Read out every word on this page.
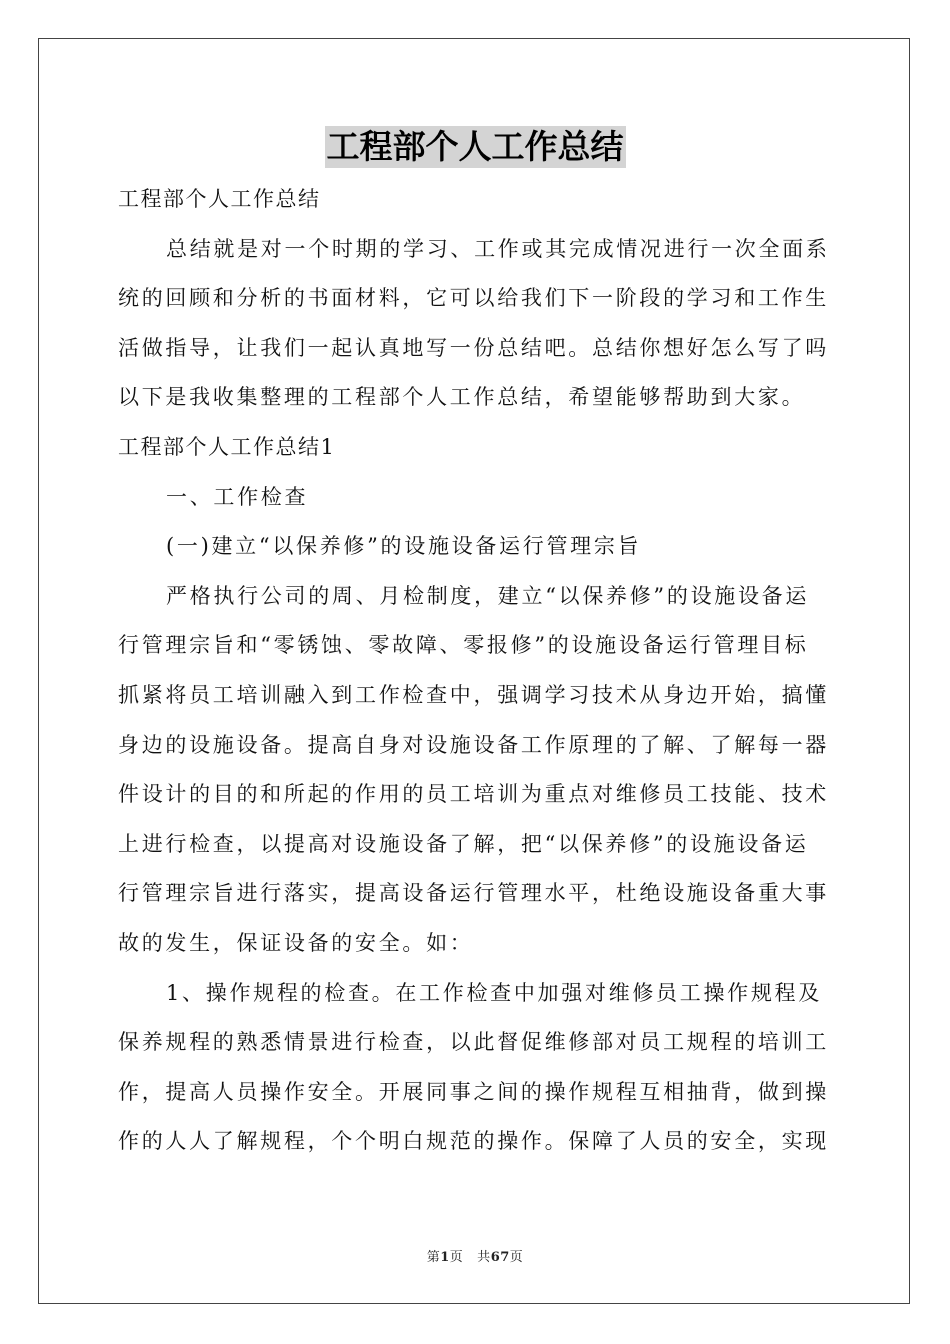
工程部个人工作总结
工程部个人工作总结
总结就是对一个时期的学习、工作或其完成情况进行一次全面系
统的回顾和分析的书面材料，它可以给我们下一阶段的学习和工作生
活做指导，让我们一起认真地写一份总结吧。总结你想好怎么写了吗
以下是我收集整理的工程部个人工作总结，希望能够帮助到大家。
工程部个人工作总结1
一、工作检查
(一)建立“以保养修”的设施设备运行管理宗旨
严格执行公司的周、月检制度，建立“以保养修”的设施设备运
行管理宗旨和“零锈蚀、零故障、零报修”的设施设备运行管理目标
抓紧将员工培训融入到工作检查中，强调学习技术从身边开始，搞懂
身边的设施设备。提高自身对设施设备工作原理的了解、了解每一器
件设计的目的和所起的作用的员工培训为重点对维修员工技能、技术
上进行检查，以提高对设施设备了解，把“以保养修”的设施设备运
行管理宗旨进行落实，提高设备运行管理水平，杜绝设施设备重大事
故的发生，保证设备的安全。如：
1、操作规程的检查。在工作检查中加强对维修员工操作规程及
保养规程的熟悉情景进行检查，以此督促维修部对员工规程的培训工
作，提高人员操作安全。开展同事之间的操作规程互相抽背，做到操
作的人人了解规程，个个明白规范的操作。保障了人员的安全，实现
第1页 共67页
